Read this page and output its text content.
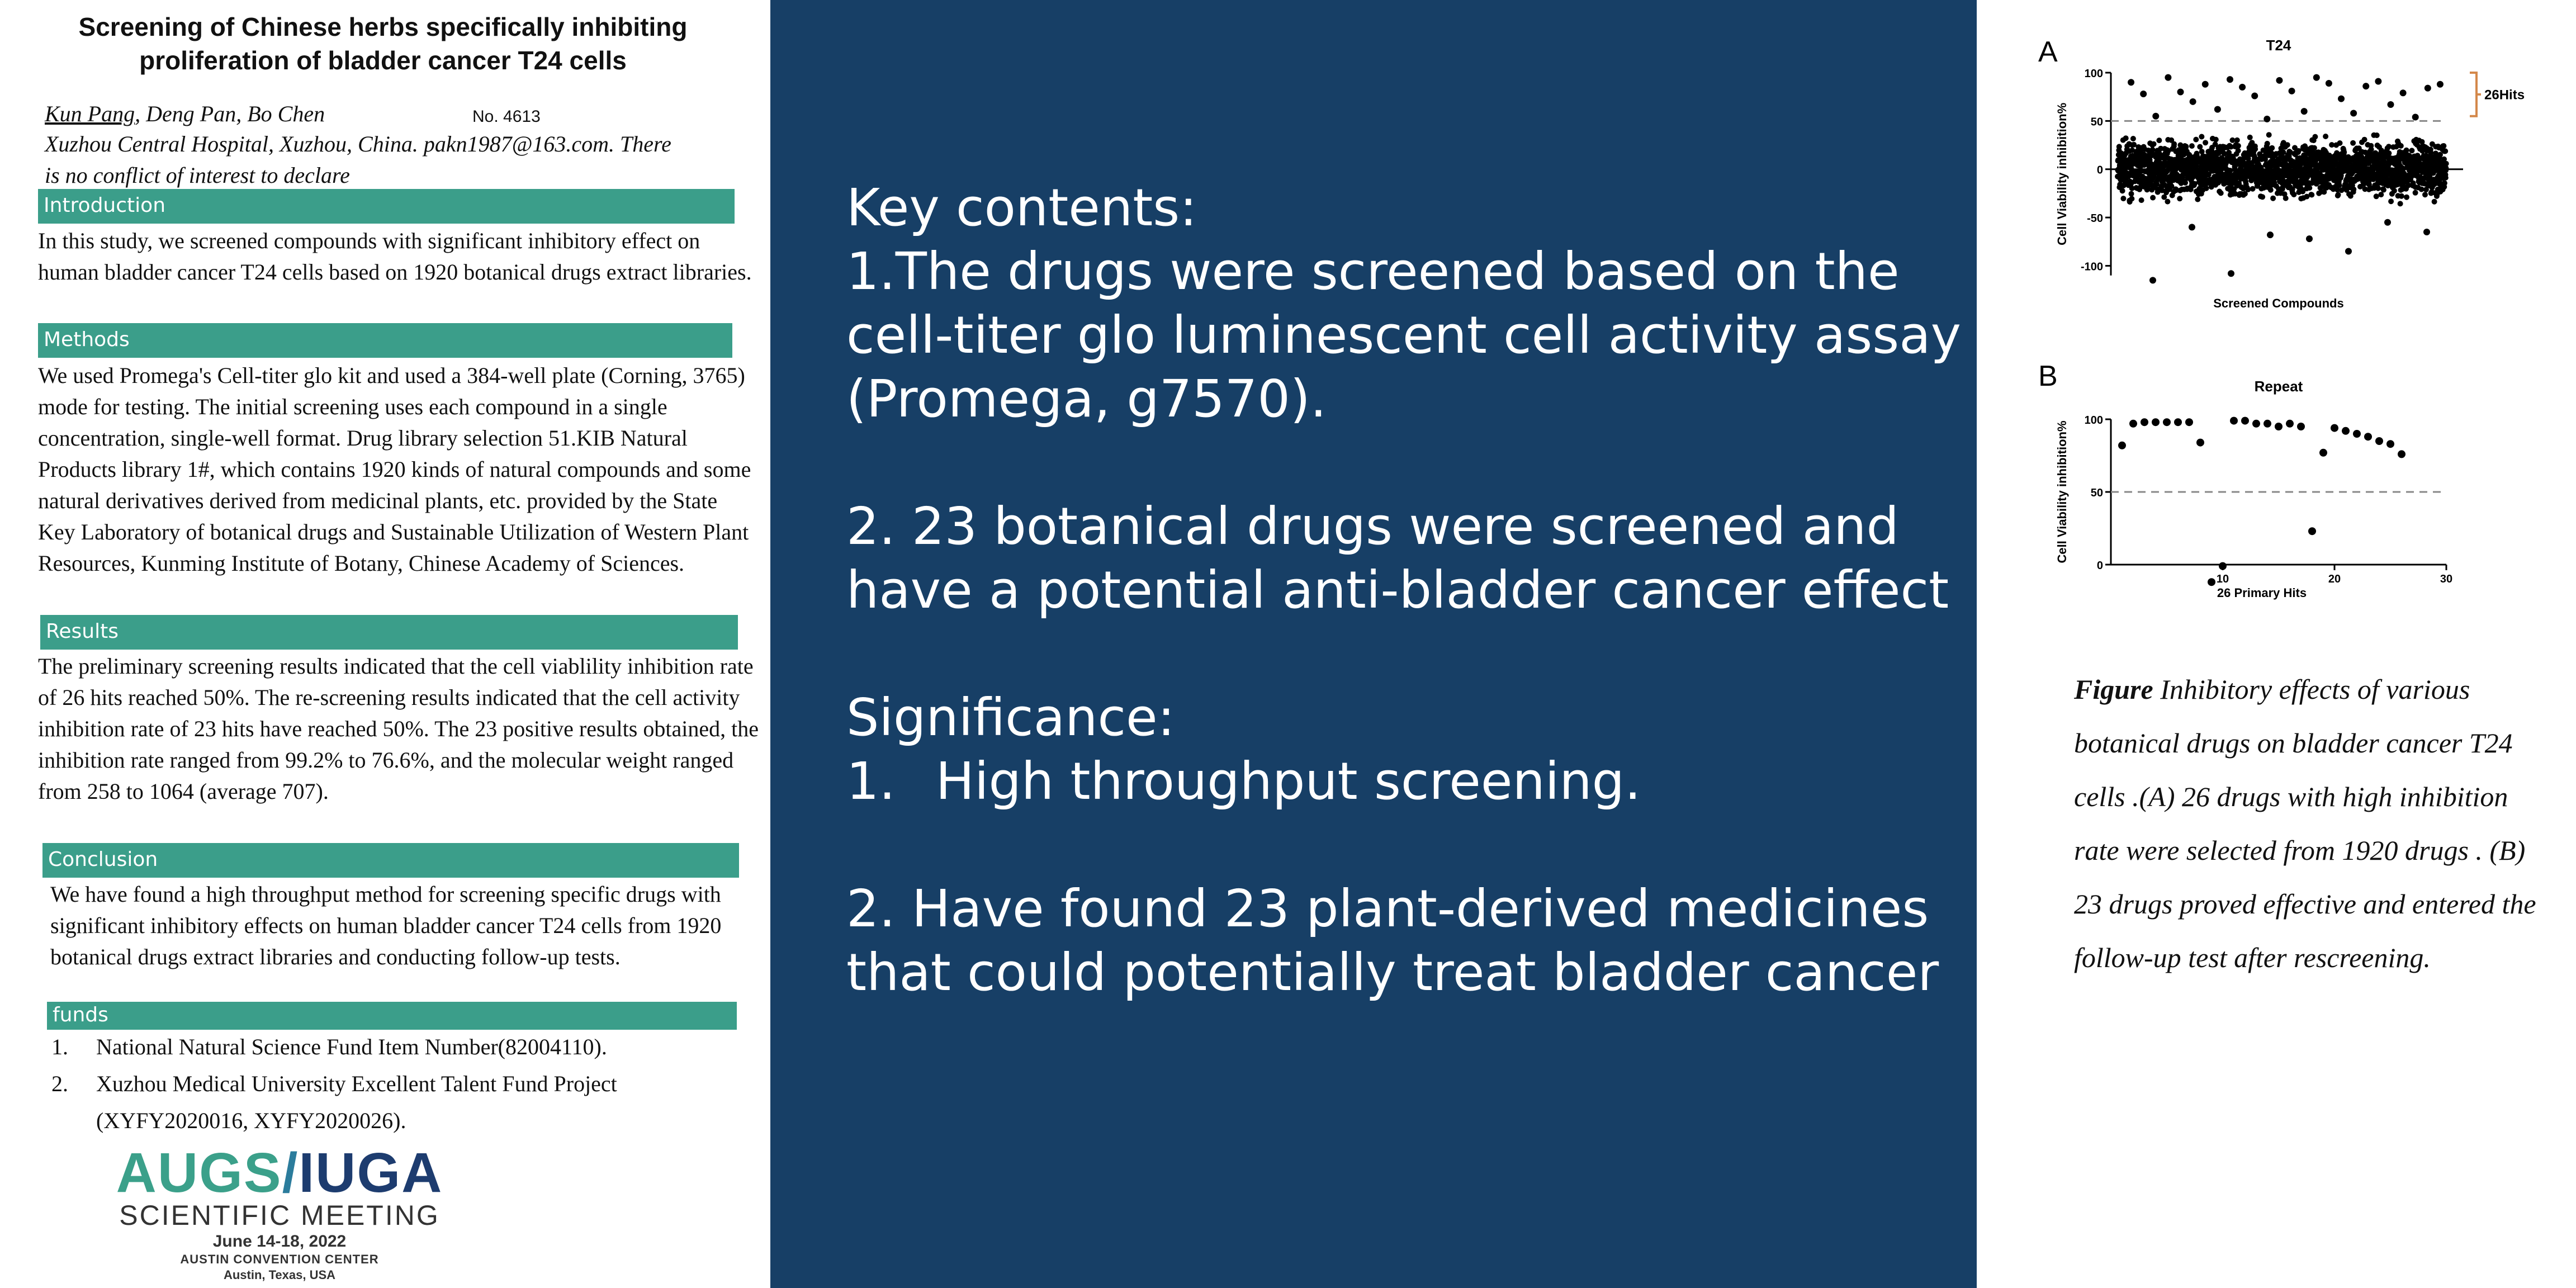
Screening of Chinese herbs specifically inhibiting proliferation of bladder cancer T24 cells
Kun Pang, Deng Pan, Bo Chen	No. 4613
Xuzhou Central Hospital, Xuzhou, China. pakn1987@163.com. There
is no conflict of interest to declare
Introduction
In this study, we screened compounds with significant inhibitory effect on human bladder cancer T24 cells based on 1920 botanical drugs extract libraries.
Methods
We used Promega's Cell-titer glo kit and used a 384-well plate (Corning, 3765) mode for testing. The initial screening uses each compound in a single concentration, single-well format. Drug library selection 51.KIB Natural Products library 1#, which contains 1920 kinds of natural compounds and some natural derivatives derived from medicinal plants, etc. provided by the State Key Laboratory of botanical drugs and Sustainable Utilization of Western Plant Resources, Kunming Institute of Botany, Chinese Academy of Sciences.
Results
The preliminary screening results indicated that the cell viablility inhibition rate of 26 hits reached 50%. The re-screening results indicated that the cell activity inhibition rate of 23 hits have reached 50%. The 23 positive results obtained, the inhibition rate ranged from 99.2% to 76.6%, and the molecular weight ranged from 258 to 1064 (average 707).
Conclusion
We have found a high throughput method for screening specific drugs with significant inhibitory effects on human bladder cancer T24 cells from 1920 botanical drugs extract libraries and conducting follow-up tests.
funds
1. National Natural Science Fund Item Number(82004110).
2. Xuzhou Medical University Excellent Talent Fund Project (XYFY2020016, XYFY2020026).
AUGS/IUGA
SCIENTIFIC MEETING
June 14-18, 2022
AUSTIN CONVENTION CENTER
Austin, Texas, USA
Key contents:
1.The drugs were screened based on the cell-titer glo luminescent cell activity assay (Promega, g7570).
2. 23 botanical drugs were screened and have a potential anti-bladder cancer effect
Significance:
1. High throughput screening.
2. Have found 23 plant-derived medicines that could potentially treat bladder cancer
A	T24
100
50
0
-50
-100
Cell Viability inhibition%
Screened Compounds
26Hits
B	Repeat
100
50
0
10	20	30
Cell Viability inhibition%
26 Primary Hits
Figure Inhibitory effects of various botanical drugs on bladder cancer T24 cells .(A) 26 drugs with high inhibition rate were selected from 1920 drugs . (B) 23 drugs proved effective and entered the follow-up test after rescreening.
